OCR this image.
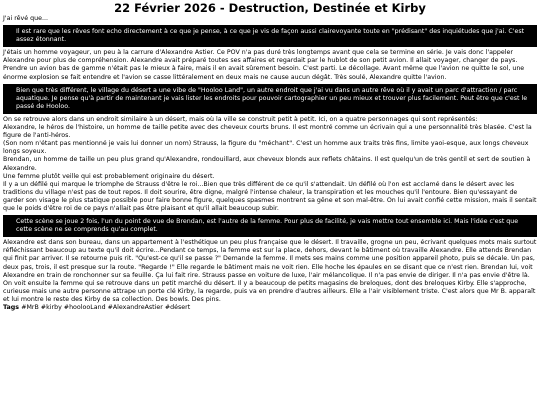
22 Février 2026 - Destruction, Destinée et Kirby

J'ai rêvé que...

Il est rare que les rêves font echo directement à ce que je pense, à ce que je vis de façon aussi clairevoyante toute en "prédisant" des inquiétudes que j'ai. C'est assez étonnant.

J'étais un homme voyageur, un peu à la carrure d'Alexandre Astier. Ce POV n'a pas duré très longtemps avant que cela se termine en série. Je vais donc l'appeler Alexandre pour plus de compréhension. Alexandre avait préparé toutes ses affaires et regardait par le hublot de son petit avion. Il allait voyager, changer de pays. Prendre un avion bas de gamme n'était pas le mieux à faire, mais il en avait sûrement besoin. C'est parti. Le décollage. Avant même que l'avion ne quitte le sol, une énorme explosion se fait entendre et l'avion se casse littéralement en deux mais ne cause aucun dégât. Très soulé, Alexandre quitte l'avion.

Bien que très différent, le village du désert a une vibe de "Hooloo Land", un autre endroit que j'ai vu dans un autre rêve où il y avait un parc d'attraction / parc aquatique. Je pense qu'à partir de maintenant je vais lister les endroits pour pouvoir cartographier un peu mieux et trouver plus facilement. Peut être que c'est le passé de Hooloo.

On se retrouve alors dans un endroit similaire à un désert, mais où la ville se construit petit à petit. Ici, on a quatre personnages qui sont représentés:

Alexandre, le héros de l'histoire, un homme de taille petite avec des cheveux courts bruns. Il est montré comme un écrivain qui a une personnalité très blasée. C'est la figure de l'anti-héros.

(Son nom n'étant pas mentionné je vais lui donner un nom) Strauss, la figure du "méchant". C'est un homme aux traits très fins, limite yaoi-esque, aux longs cheveux longs soyeux.

Brendan, un homme de taille un peu plus grand qu'Alexandre, rondouillard, aux cheveux blonds aux reflets châtains. Il est quelqu'un de très gentil et sert de soutien à Alexandre.

Une femme plutôt veille qui est probablement originaire du désert.

Il y a un défilé qui marque le triomphe de Strauss d'être le roi...Bien que très différent de ce qu'il s'attendait. Un défilé où l'on est acclamé dans le désert avec les traditions du village n'est pas de tout repos. Il doit sourire, être digne, malgré l'intense chaleur, la transpiration et les mouches qu'il l'entoure. Bien qu'essayant de garder son visage le plus statique possible pour faire bonne figure, quelques spasmes montrent sa gêne et son mal-être. On lui avait confié cette mission, mais il sentait que le poids d'être roi de ce pays n'allait pas être plaisant et qu'il allait beaucoup subir.

Cette scène se joue 2 fois, l'un du point de vue de Brendan, est l'autre de la femme. Pour plus de facilité, je vais mettre tout ensemble ici. Mais l'idée c'est que cette scène ne se comprends qu'au complet.

Alexandre est dans son bureau, dans un appartement à l'esthétique un peu plus française que le désert. Il travaille, grogne un peu, écrivant quelques mots mais surtout réfléchissant beaucoup au texte qu'il doit écrire...Pendant ce temps, la femme est sur la place, dehors, devant le bâtiment où travaille Alexandre. Elle attends Brendan qui finit par arriver. Il se retourne puis rit. "Qu'est-ce qu'il se passe ?" Demande la femme. Il mets ses mains comme une position appareil photo, puis se décale. Un pas, deux pas, trois, il est presque sur la route. "Regarde !" Elle regarde le bâtiment mais ne voit rien. Elle hoche les épaules en se disant que ce n'est rien. Brendan lui, voit Alexandre en train de ronchonner sur sa feuille. Ça lui fait rire. Strauss passe en voiture de luxe, l'air mélancolique. Il n'a pas envie de diriger. Il n'a pas envie d'être là. On voit ensuite la femme qui se retrouve dans un petit marché du désert. Il y a beaucoup de petits magasins de breloques, dont des breloques Kirby. Elle s'approche, curieuse mais une autre personne attrape un porte clé Kirby, la regarde, puis va en prendre d'autres ailleurs. Elle a l'air visiblement triste. C'est alors que Mr B. apparaît et lui montre le reste des Kirby de sa collection. Des bowls. Des pins.

Tags #MrB #kirby #hoolooLand #AlexandreAstier #désert
